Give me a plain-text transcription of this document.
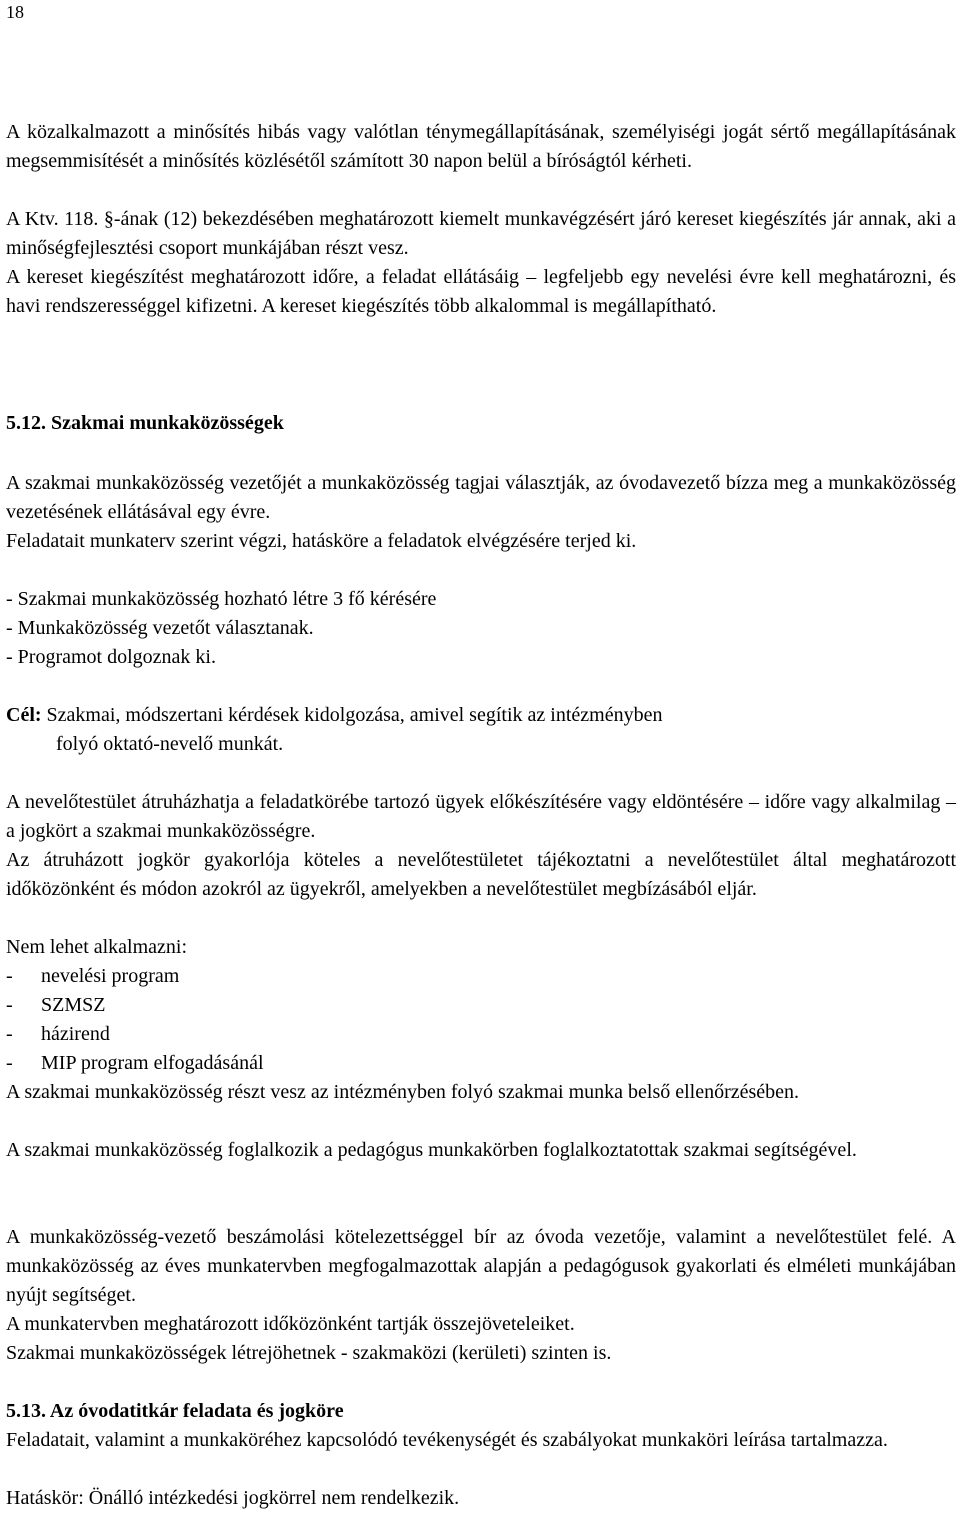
18
A közalkalmazott a minősítés hibás vagy valótlan ténymegállapításának, személyiségi jogát sértő megállapításának megsemmisítését a minősítés közlésétől számított 30 napon belül a bíróságtól kérheti.
A Ktv. 118. §-ának (12) bekezdésében meghatározott kiemelt munkavégzésért járó kereset kiegészítés jár annak, aki a minőségfejlesztési csoport munkájában részt vesz.
A kereset kiegészítést meghatározott időre, a feladat ellátásáig – legfeljebb egy nevelési évre kell meghatározni, és havi rendszerességgel kifizetni. A kereset kiegészítés több alkalommal is megállapítható.
5.12. Szakmai munkaközösségek
A szakmai munkaközösség vezetőjét a munkaközösség tagjai választják, az óvodavezető bízza meg a munkaközösség vezetésének ellátásával egy évre.
Feladatait munkaterv szerint végzi, hatásköre a feladatok elvégzésére terjed ki.
- Szakmai munkaközösség hozható létre 3 fő kérésére
- Munkaközösség vezetőt választanak.
- Programot dolgoznak ki.
Cél: Szakmai, módszertani kérdések kidolgozása, amivel segítik az intézményben
folyó oktató-nevelő munkát.
A nevelőtestület átruházhatja a feladatkörébe tartozó ügyek előkészítésére vagy eldöntésére – időre vagy alkalmilag – a jogkört a szakmai munkaközösségre.
Az átruházott jogkör gyakorlója köteles a nevelőtestületet tájékoztatni a nevelőtestület által meghatározott időközönként és módon azokról az ügyekről, amelyekben a nevelőtestület megbízásából eljár.
Nem lehet alkalmazni:
-	nevelési program
-	SZMSZ
-	házirend
-	MIP program elfogadásánál
A szakmai munkaközösség részt vesz az intézményben folyó szakmai munka belső ellenőrzésében.
A szakmai munkaközösség foglalkozik a pedagógus munkakörben foglalkoztatottak szakmai segítségével.
A munkaközösség-vezető beszámolási kötelezettséggel bír az óvoda vezetője, valamint a nevelőtestület felé. A munkaközösség az éves munkatervben megfogalmazottak alapján a pedagógusok gyakorlati és elméleti munkájában nyújt segítséget.
A munkatervben meghatározott időközönként tartják összejöveteleiket.
Szakmai munkaközösségek létrejöhetnek - szakmaközi (kerületi) szinten is.
5.13. Az óvodatitkár feladata és jogköre
Feladatait, valamint a munkaköréhez kapcsolódó tevékenységét és szabályokat munkaköri leírása tartalmazza.
Hatáskör: Önálló intézkedési jogkörrel nem rendelkezik.
